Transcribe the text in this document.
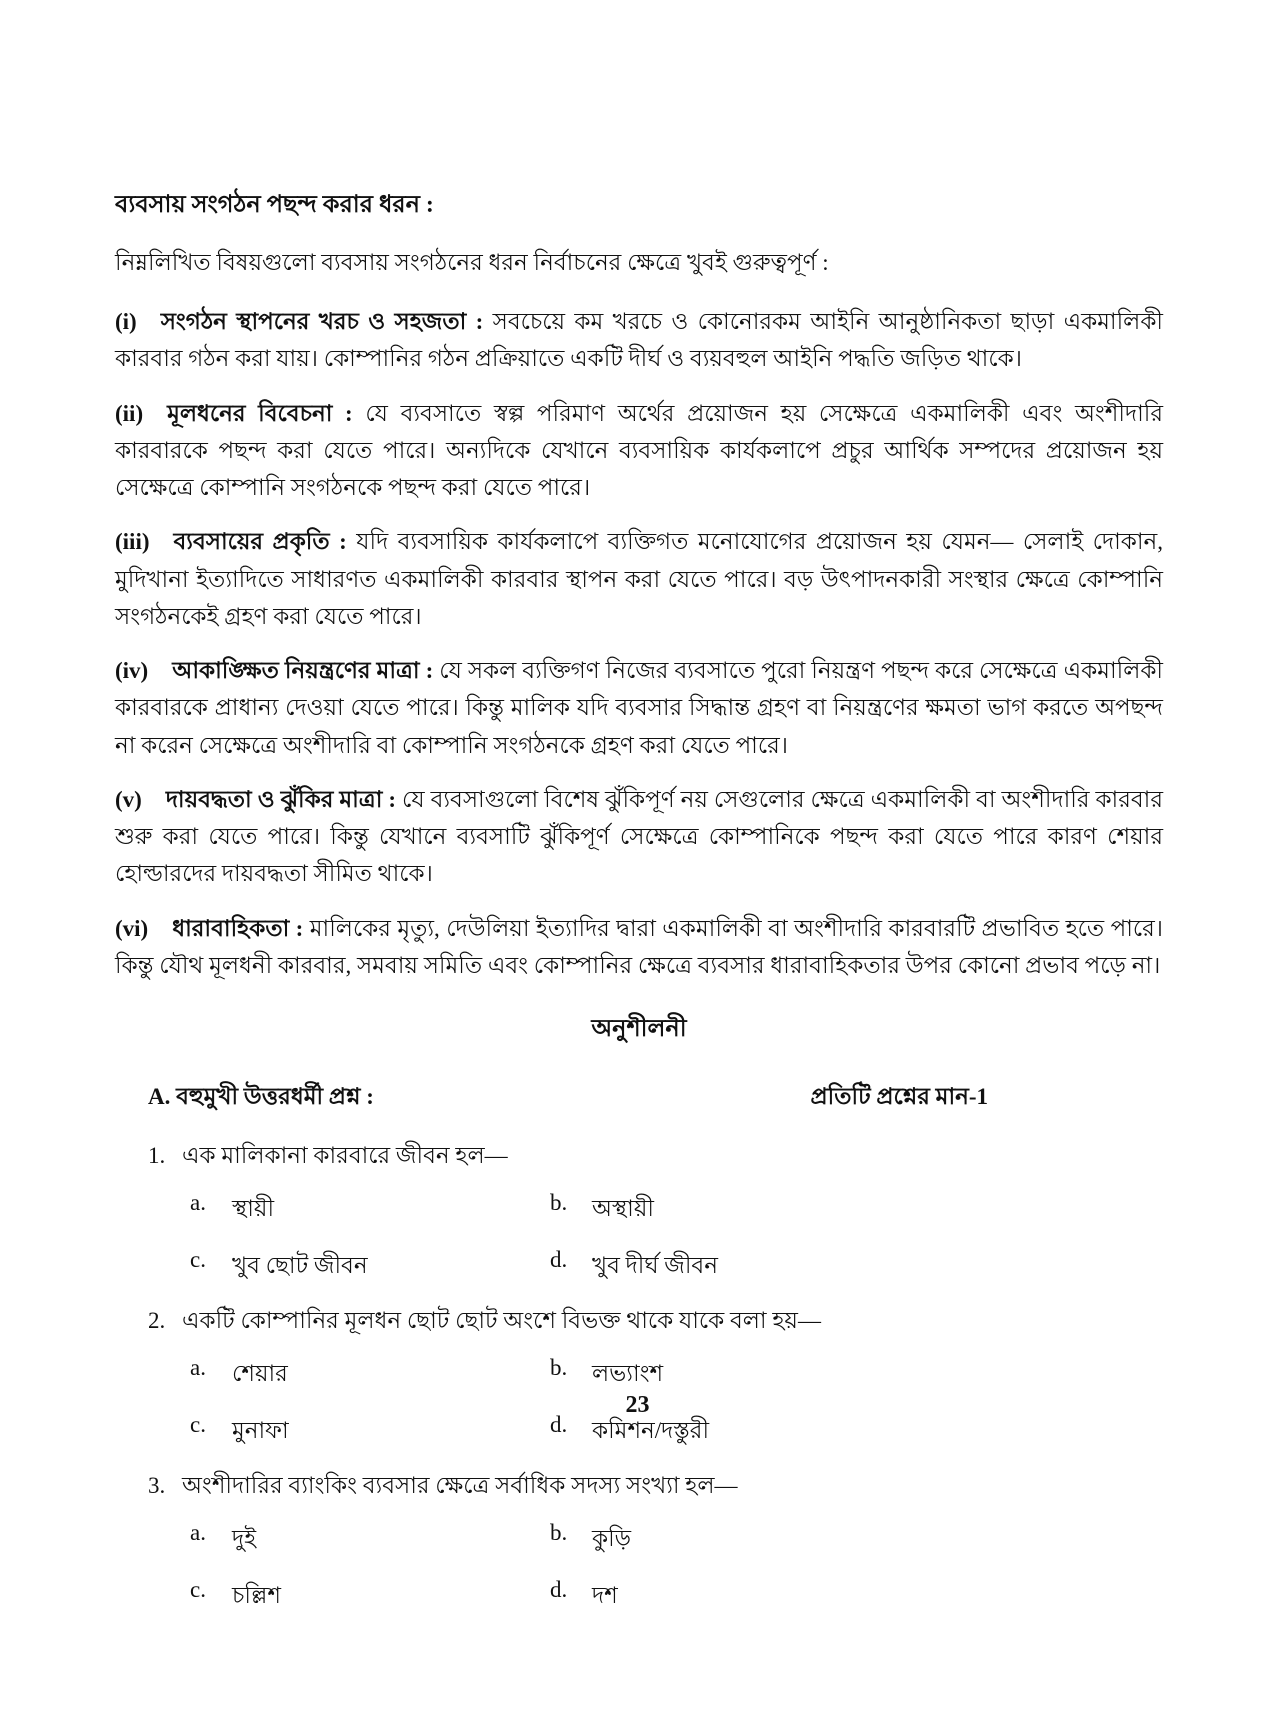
ব্যবসায় সংগঠন পছন্দ করার ধরন :

নিম্নলিখিত বিষয়গুলো ব্যবসায় সংগঠনের ধরন নির্বাচনের ক্ষেত্রে খুবই গুরুত্বপূর্ণ :

(i) সংগঠন স্থাপনের খরচ ও সহজতা : সবচেয়ে কম খরচে ও কোনোরকম আইনি আনুষ্ঠানিকতা ছাড়া একমালিকী কারবার গঠন করা যায়। কোম্পানির গঠন প্রক্রিয়াতে একটি দীর্ঘ ও ব্যয়বহুল আইনি পদ্ধতি জড়িত থাকে।

(ii) মূলধনের বিবেচনা : যে ব্যবসাতে স্বল্প পরিমাণ অর্থের প্রয়োজন হয় সেক্ষেত্রে একমালিকী এবং অংশীদারি কারবারকে পছন্দ করা যেতে পারে। অন্যদিকে যেখানে ব্যবসায়িক কার্যকলাপে প্রচুর আর্থিক সম্পদের প্রয়োজন হয় সেক্ষেত্রে কোম্পানি সংগঠনকে পছন্দ করা যেতে পারে।

(iii) ব্যবসায়ের প্রকৃতি : যদি ব্যবসায়িক কার্যকলাপে ব্যক্তিগত মনোযোগের প্রয়োজন হয় যেমন— সেলাই দোকান, মুদিখানা ইত্যাদিতে সাধারণত একমালিকী কারবার স্থাপন করা যেতে পারে। বড় উৎপাদনকারী সংস্থার ক্ষেত্রে কোম্পানি সংগঠনকেই গ্রহণ করা যেতে পারে।

(iv) আকাঙ্ক্ষিত নিয়ন্ত্রণের মাত্রা : যে সকল ব্যক্তিগণ নিজের ব্যবসাতে পুরো নিয়ন্ত্রণ পছন্দ করে সেক্ষেত্রে একমালিকী কারবারকে প্রাধান্য দেওয়া যেতে পারে। কিন্তু মালিক যদি ব্যবসার সিদ্ধান্ত গ্রহণ বা নিয়ন্ত্রণের ক্ষমতা ভাগ করতে অপছন্দ না করেন সেক্ষেত্রে অংশীদারি বা কোম্পানি সংগঠনকে গ্রহণ করা যেতে পারে।

(v) দায়বদ্ধতা ও ঝুঁকির মাত্রা : যে ব্যবসাগুলো বিশেষ ঝুঁকিপূর্ণ নয় সেগুলোর ক্ষেত্রে একমালিকী বা অংশীদারি কারবার শুরু করা যেতে পারে। কিন্তু যেখানে ব্যবসাটি ঝুঁকিপূর্ণ সেক্ষেত্রে কোম্পানিকে পছন্দ করা যেতে পারে কারণ শেয়ার হোল্ডারদের দায়বদ্ধতা সীমিত থাকে।

(vi) ধারাবাহিকতা : মালিকের মৃত্যু, দেউলিয়া ইত্যাদির দ্বারা একমালিকী বা অংশীদারি কারবারটি প্রভাবিত হতে পারে। কিন্তু যৌথ মূলধনী কারবার, সমবায় সমিতি এবং কোম্পানির ক্ষেত্রে ব্যবসার ধারাবাহিকতার উপর কোনো প্রভাব পড়ে না।

অনুশীলনী
A. বহুমুখী উত্তরধর্মী প্রশ্ন :	প্রতিটি প্রশ্নের মান-1
1. এক মালিকানা কারবারে জীবন হল—
a.	স্থায়ী	b.	অস্থায়ী
c.	খুব ছোট জীবন	d.	খুব দীর্ঘ জীবন
2. একটি কোম্পানির মূলধন ছোট ছোট অংশে বিভক্ত থাকে যাকে বলা হয়—
a.	শেয়ার	b.	লভ্যাংশ
c.	মুনাফা	d.	কমিশন/দস্তুরী
3. অংশীদারির ব্যাংকিং ব্যবসার ক্ষেত্রে সর্বাধিক সদস্য সংখ্যা হল—
a.	দুই	b.	কুড়ি
c.	চল্লিশ	d.	দশ
23
